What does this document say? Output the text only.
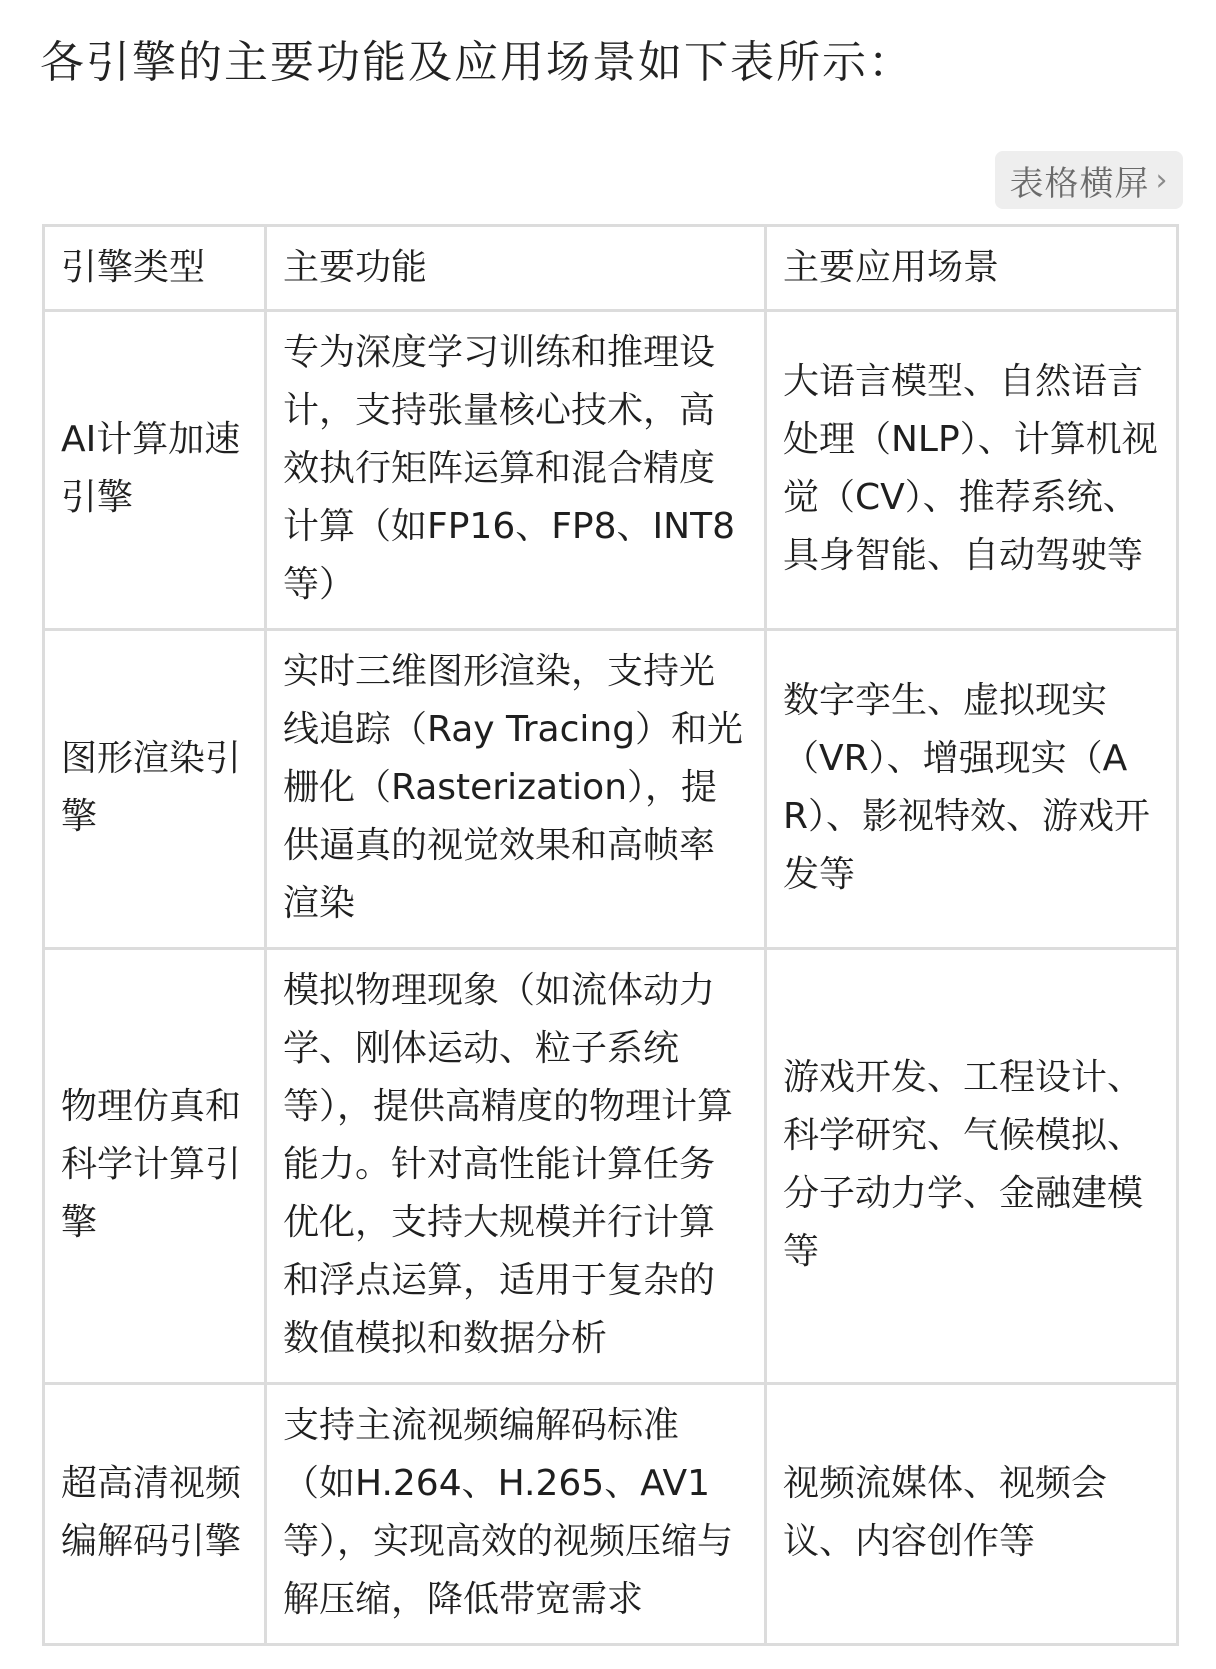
各引擎的主要功能及应用场景如下表所示：
表格横屏 ›
引擎类型	主要功能	主要应用场景
AI计算加速引擎	专为深度学习训练和推理设计，支持张量核心技术，高效执行矩阵运算和混合精度计算（如FP16、FP8、INT8等）	大语言模型、自然语言处理（NLP）、计算机视觉（CV）、推荐系统、具身智能、自动驾驶等
图形渲染引擎	实时三维图形渲染，支持光线追踪（Ray Tracing）和光栅化（Rasterization），提供逼真的视觉效果和高帧率渲染	数字孪生、虚拟现实（VR）、增强现实（AR）、影视特效、游戏开发等
物理仿真和科学计算引擎	模拟物理现象（如流体动力学、刚体运动、粒子系统等），提供高精度的物理计算能力。针对高性能计算任务优化，支持大规模并行计算和浮点运算，适用于复杂的数值模拟和数据分析	游戏开发、工程设计、科学研究、气候模拟、分子动力学、金融建模等
超高清视频编解码引擎	支持主流视频编解码标准（如H.264、H.265、AV1等），实现高效的视频压缩与解压缩，降低带宽需求	视频流媒体、视频会议、内容创作等
